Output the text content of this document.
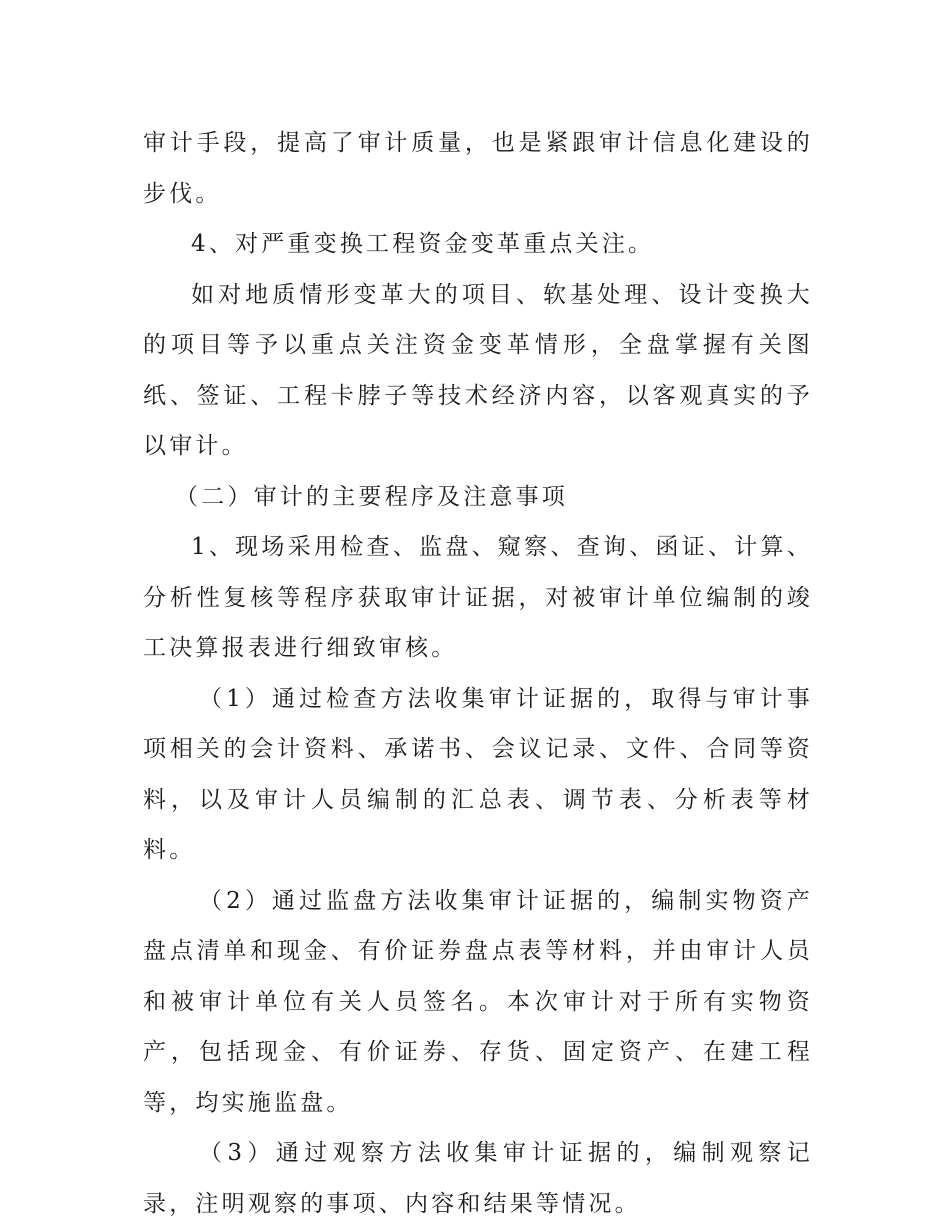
审计手段，提高了审计质量，也是紧跟审计信息化建设的步伐。

4、对严重变换工程资金变革重点关注。

如对地质情形变革大的项目、软基处理、设计变换大的项目等予以重点关注资金变革情形，全盘掌握有关图纸、签证、工程卡脖子等技术经济内容，以客观真实的予以审计。

（二）审计的主要程序及注意事项

1、现场采用检查、监盘、窥察、查询、函证、计算、分析性复核等程序获取审计证据，对被审计单位编制的竣工决算报表进行细致审核。

（1）通过检查方法收集审计证据的，取得与审计事项相关的会计资料、承诺书、会议记录、文件、合同等资料，以及审计人员编制的汇总表、调节表、分析表等材料。

（2）通过监盘方法收集审计证据的，编制实物资产盘点清单和现金、有价证券盘点表等材料，并由审计人员和被审计单位有关人员签名。本次审计对于所有实物资产，包括现金、有价证券、存货、固定资产、在建工程等，均实施监盘。

（3）通过观察方法收集审计证据的，编制观察记录，注明观察的事项、内容和结果等情况。
